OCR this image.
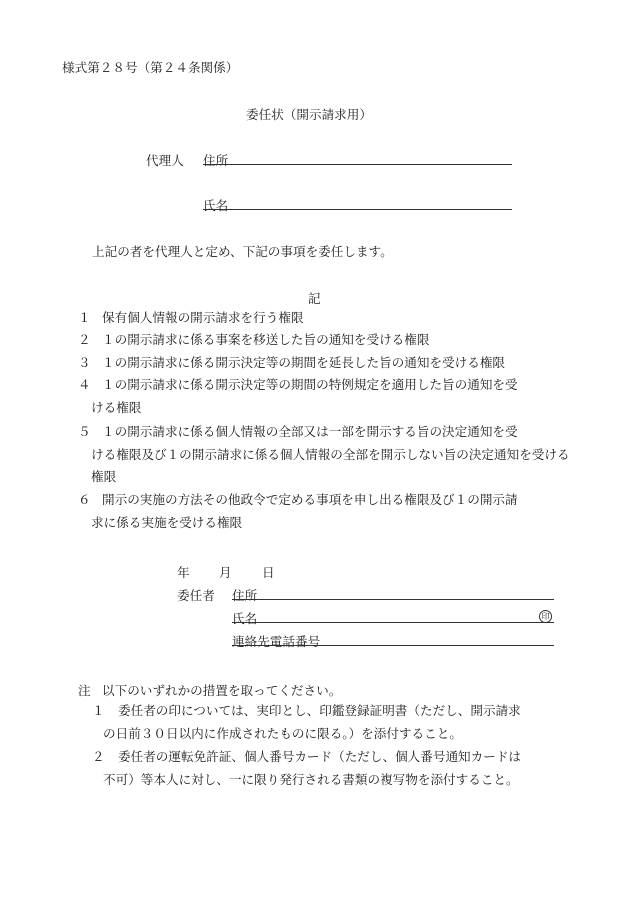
様式第２８号（第２４条関係）
委任状（開示請求用）
代理人 住所
氏名
上記の者を代理人と定め、下記の事項を委任します。
記
１ 保有個人情報の開示請求を行う権限
２ １の開示請求に係る事案を移送した旨の通知を受ける権限
３ １の開示請求に係る開示決定等の期間を延長した旨の通知を受ける権限
４ １の開示請求に係る開示決定等の期間の特例規定を適用した旨の通知を受
ける権限
５ １の開示請求に係る個人情報の全部又は一部を開示する旨の決定通知を受
ける権限及び１の開示請求に係る個人情報の全部を開示しない旨の決定通知を受ける権限
６ 開示の実施の方法その他政令で定める事項を申し出る権限及び１の開示請
求に係る実施を受ける権限
年 月 日
委任者 住所
氏名	印
連絡先電話番号
注 以下のいずれかの措置を取ってください。
１ 委任者の印については、実印とし、印鑑登録証明書（ただし、開示請求
の日前３０日以内に作成されたものに限る。）を添付すること。
２ 委任者の運転免許証、個人番号カード（ただし、個人番号通知カードは
不可）等本人に対し、一に限り発行される書類の複写物を添付すること。
